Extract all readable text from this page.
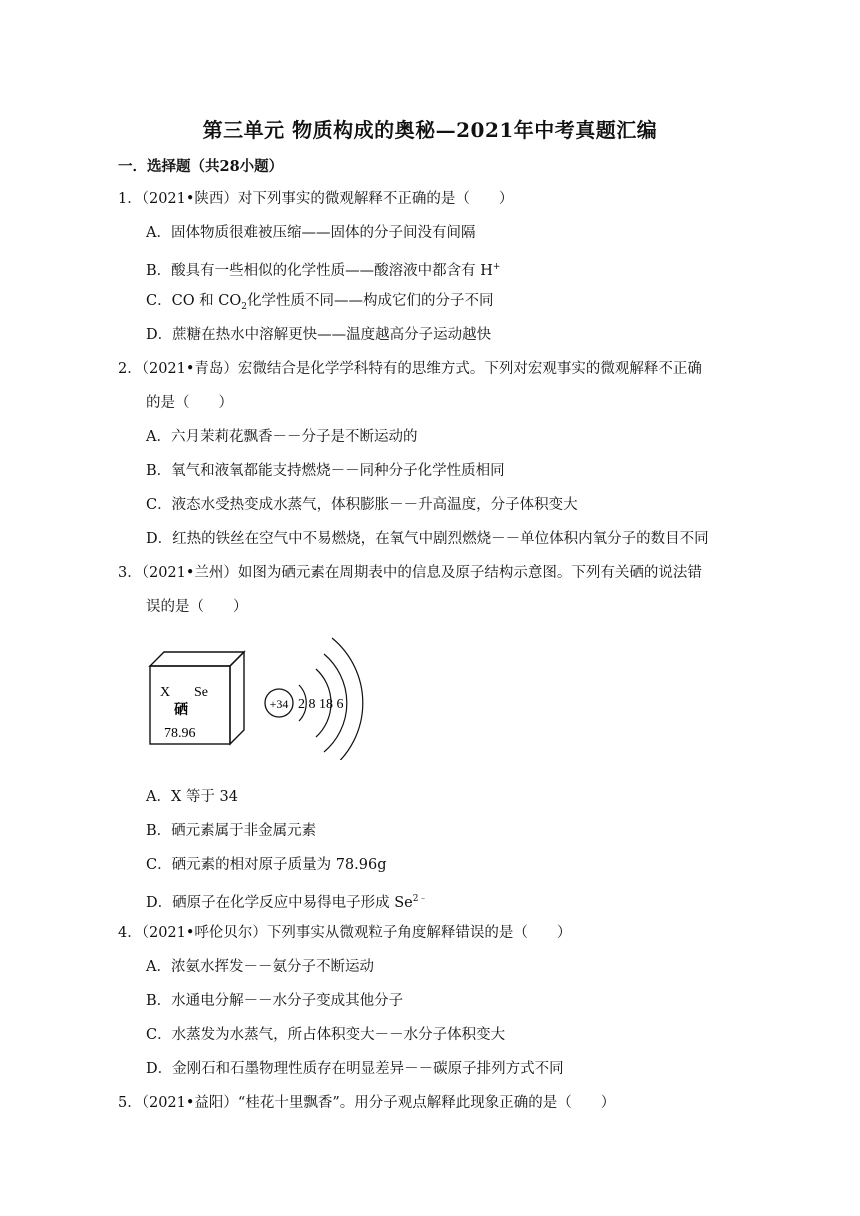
第三单元 物质构成的奥秘—2021年中考真题汇编
一．选择题（共28小题）
1．（2021•陕西）对下列事实的微观解释不正确的是（　　）
A．固体物质很难被压缩——固体的分子间没有间隔
B．酸具有一些相似的化学性质——酸溶液中都含有 H+
C．CO 和 $CO_2$化学性质不同——构成它们的分子不同
D．蔗糖在热水中溶解更快——温度越高分子运动越快
2．（2021•青岛）宏微结合是化学学科特有的思维方式。下列对宏观事实的微观解释不正确
的是（　　）
A．六月茉莉花飘香－－分子是不断运动的
B．氧气和液氧都能支持燃烧－－同种分子化学性质相同
C．液态水受热变成水蒸气，体积膨胀－－升高温度，分子体积变大
D．红热的铁丝在空气中不易燃烧，在氧气中剧烈燃烧－－单位体积内氧分子的数目不同
3．（2021•兰州）如图为硒元素在周期表中的信息及原子结构示意图。下列有关硒的说法错
误的是（　　）
X Se
硒
78.96
+34 2 8 18 6
A．X 等于 34
B．硒元素属于非金属元素
C．硒元素的相对原子质量为 78.96g
D．硒原子在化学反应中易得电子形成 $Se^{2﹣}$
4．（2021•呼伦贝尔）下列事实从微观粒子角度解释错误的是（　　）
A．浓氨水挥发－－氨分子不断运动
B．水通电分解－－水分子变成其他分子
C．水蒸发为水蒸气，所占体积变大－－水分子体积变大
D．金刚石和石墨物理性质存在明显差异－－碳原子排列方式不同
5．（2021•益阳）“桂花十里飘香”。用分子观点解释此现象正确的是（　　）
